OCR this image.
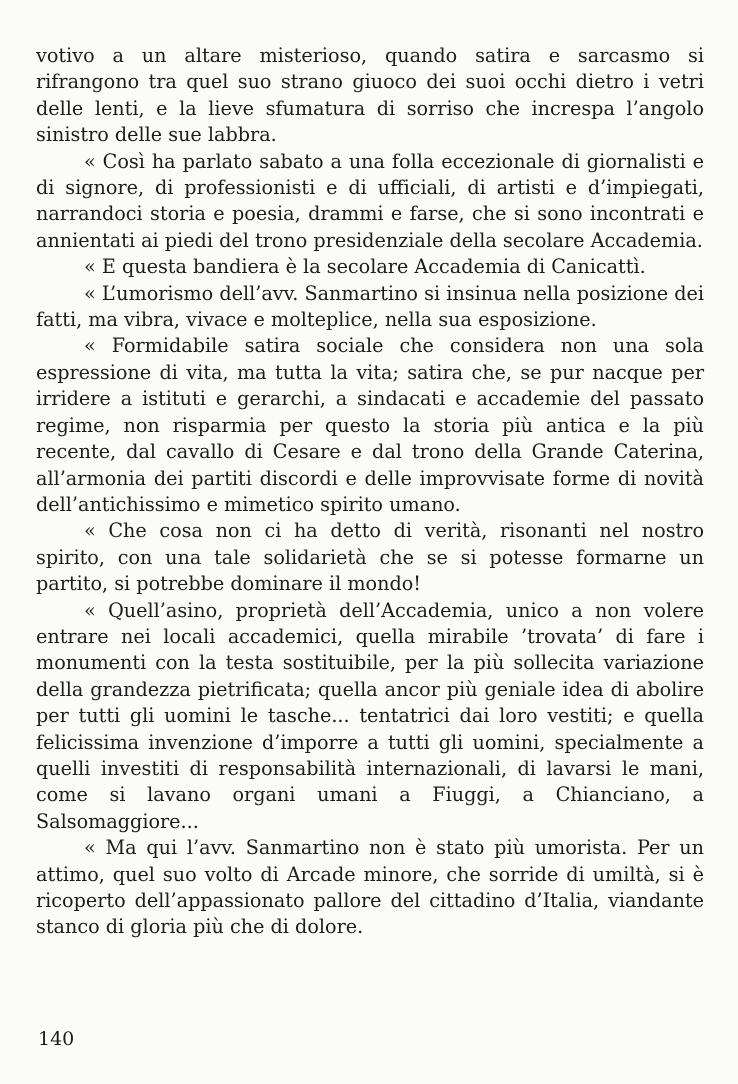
votivo a un altare misterioso, quando satira e sarcasmo si rifrangono tra quel suo strano giuoco dei suoi occhi dietro i vetri delle lenti, e la lieve sfumatura di sorriso che increspa l’angolo sinistro delle sue labbra.

« Così ha parlato sabato a una folla eccezionale di giornalisti e di signore, di professionisti e di ufficiali, di artisti e d’impiegati, narrandoci storia e poesia, drammi e farse, che si sono incontrati e annientati ai piedi del trono presidenziale della secolare Accademia.

« E questa bandiera è la secolare Accademia di Canicattì.

« L’umorismo dell’avv. Sanmartino si insinua nella posizione dei fatti, ma vibra, vivace e molteplice, nella sua esposizione.

« Formidabile satira sociale che considera non una sola espressione di vita, ma tutta la vita; satira che, se pur nacque per irridere a istituti e gerarchi, a sindacati e accademie del passato regime, non risparmia per questo la storia più antica e la più recente, dal cavallo di Cesare e dal trono della Grande Caterina, all’armonia dei partiti discordi e delle improvvisate forme di novità dell’antichissimo e mimetico spirito umano.

« Che cosa non ci ha detto di verità, risonanti nel nostro spirito, con una tale solidarietà che se si potesse formarne un partito, si potrebbe dominare il mondo!

« Quell’asino, proprietà dell’Accademia, unico a non volere entrare nei locali accademici, quella mirabile ’trovata’ di fare i monumenti con la testa sostituibile, per la più sollecita variazione della grandezza pietrificata; quella ancor più geniale idea di abolire per tutti gli uomini le tasche... tentatrici dai loro vestiti; e quella felicissima invenzione d’imporre a tutti gli uomini, specialmente a quelli investiti di responsabilità internazionali, di lavarsi le mani, come si lavano organi umani a Fiuggi, a Chianciano, a Salsomaggiore...

« Ma qui l’avv. Sanmartino non è stato più umorista. Per un attimo, quel suo volto di Arcade minore, che sorride di umiltà, si è ricoperto dell’appassionato pallore del cittadino d’Italia, viandante stanco di gloria più che di dolore.

140
